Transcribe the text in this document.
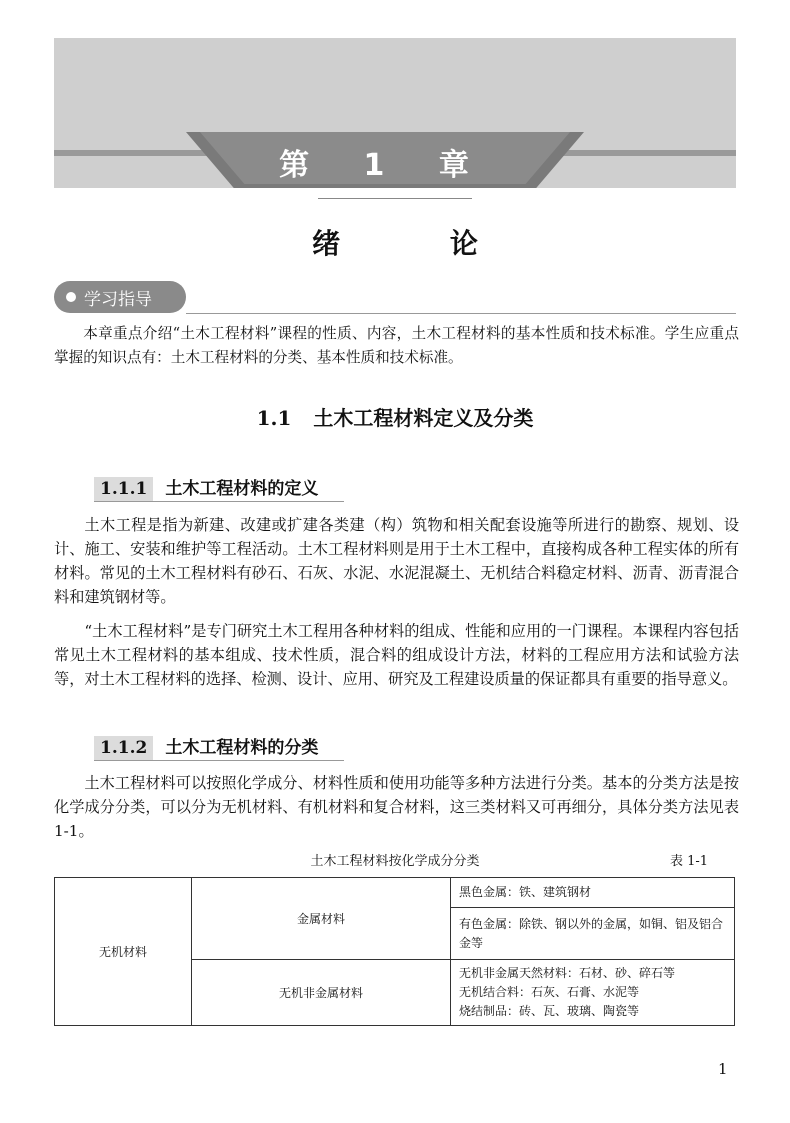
第 1 章
绪 论
学习指导

本章重点介绍“土木工程材料”课程的性质、内容，土木工程材料的基本性质和技术标准。学生应重点掌握的知识点有：土木工程材料的分类、基本性质和技术标准。

1.1 土木工程材料定义及分类
1.1.1 土木工程材料的定义

土木工程是指为新建、改建或扩建各类建（构）筑物和相关配套设施等所进行的勘察、规划、设计、施工、安装和维护等工程活动。土木工程材料则是用于土木工程中，直接构成各种工程实体的所有材料。常见的土木工程材料有砂石、石灰、水泥、水泥混凝土、无机结合料稳定材料、沥青、沥青混合料和建筑钢材等。

“土木工程材料”是专门研究土木工程用各种材料的组成、性能和应用的一门课程。本课程内容包括常见土木工程材料的基本组成、技术性质，混合料的组成设计方法，材料的工程应用方法和试验方法等，对土木工程材料的选择、检测、设计、应用、研究及工程建设质量的保证都具有重要的指导意义。

1.1.2 土木工程材料的分类

土木工程材料可以按照化学成分、材料性质和使用功能等多种方法进行分类。基本的分类方法是按化学成分分类，可以分为无机材料、有机材料和复合材料，这三类材料又可再细分，具体分类方法见表 1-1。

土木工程材料按化学成分分类	表 1-1
无机材料	金属材料	黑色金属：铁、建筑钢材
		有色金属：除铁、钢以外的金属，如铜、铝及铝合金等
	无机非金属材料	无机非金属天然材料：石材、砂、碎石等
无机结合料：石灰、石膏、水泥等
烧结制品：砖、瓦、玻璃、陶瓷等
1
